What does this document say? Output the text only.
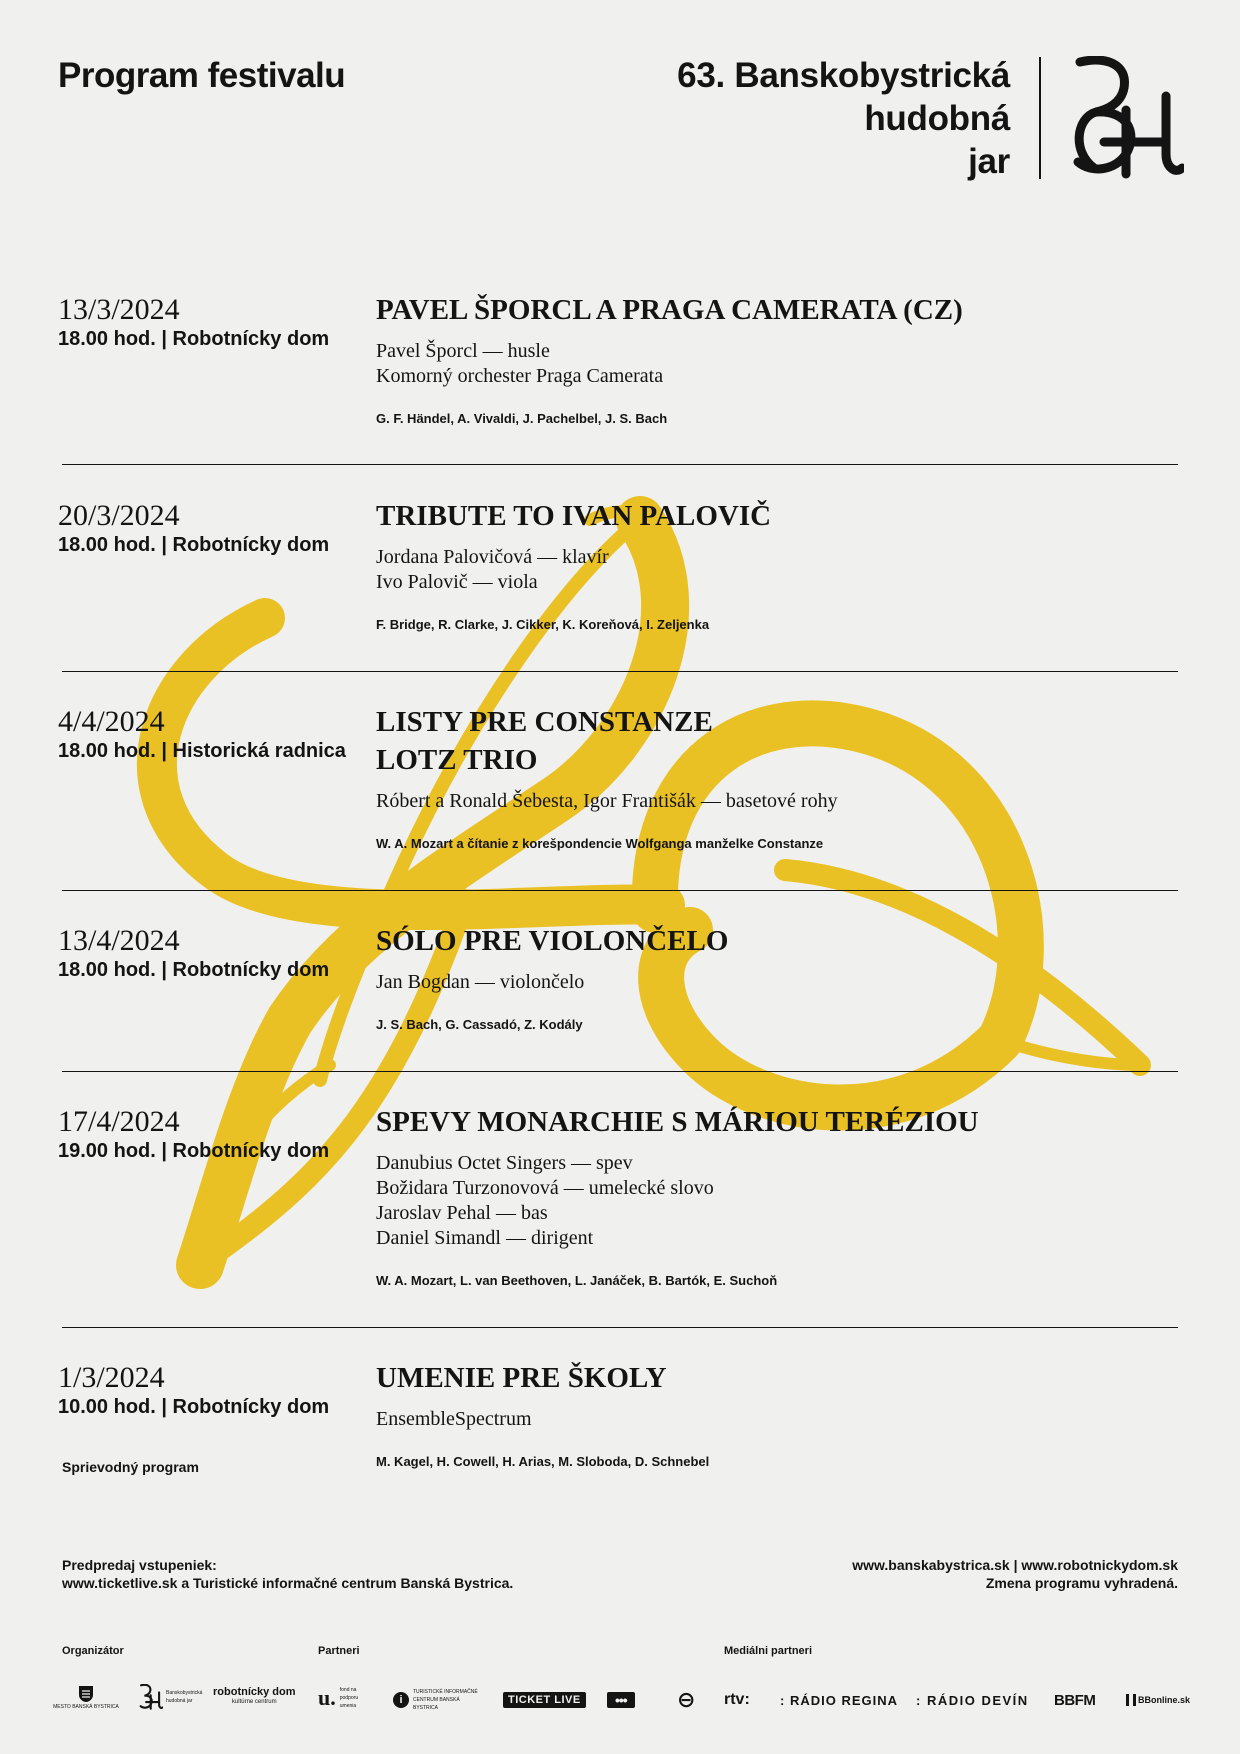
Program festivalu	63. Banskobystrická
hudobná
jar
13/3/2024
18.00 hod. | Robotnícky dom
PAVEL ŠPORCL A PRAGA CAMERATA (CZ)
Pavel Šporcl — husle
Komorný orchester Praga Camerata
G. F. Händel, A. Vivaldi, J. Pachelbel, J. S. Bach
20/3/2024
18.00 hod. | Robotnícky dom
TRIBUTE TO IVAN PALOVIČ
Jordana Palovičová — klavír
Ivo Palovič — viola
F. Bridge, R. Clarke, J. Cikker, K. Koreňová, I. Zeljenka
4/4/2024
18.00 hod. | Historická radnica
LISTY PRE CONSTANZE
LOTZ TRIO
Róbert a Ronald Šebesta, Igor Františák — basetové rohy
W. A. Mozart a čítanie z korešpondencie Wolfganga manželke Constanze
13/4/2024
18.00 hod. | Robotnícky dom
SÓLO PRE VIOLONČELO
Jan Bogdan — violončelo
J. S. Bach, G. Cassadó, Z. Kodály
17/4/2024
19.00 hod. | Robotnícky dom
SPEVY MONARCHIE S MÁRIOU TERÉZIOU
Danubius Octet Singers — spev
Božidara Turzonovová — umelecké slovo
Jaroslav Pehal — bas
Daniel Simandl — dirigent
W. A. Mozart, L. van Beethoven, L. Janáček, B. Bartók, E. Suchoň
1/3/2024
10.00 hod. | Robotnícky dom
UMENIE PRE ŠKOLY
EnsembleSpectrum
M. Kagel, H. Cowell, H. Arias, M. Sloboda, D. Schnebel
Sprievodný program
Predpredaj vstupeniek:
www.ticketlive.sk a Turistické informačné centrum Banská Bystrica.
www.banskabystrica.sk | www.robotnickydom.sk
Zmena programu vyhradená.
Organizátor	Partneri	Mediálni partneri
MESTO BANSKÁ BYSTRICA
Banskobystrická hudobná jar
robotnícky dom
kultúrne centrum u. fond na podporu umenia	i
TURISTICKÉ INFORMAČNÉ CENTRUM BANSKÁ BYSTRICA
TICKET LIVE	•••	⊖ rtv: : RÁDIO REGINA : RÁDIO DEVÍN BBFM	BBonline.sk
